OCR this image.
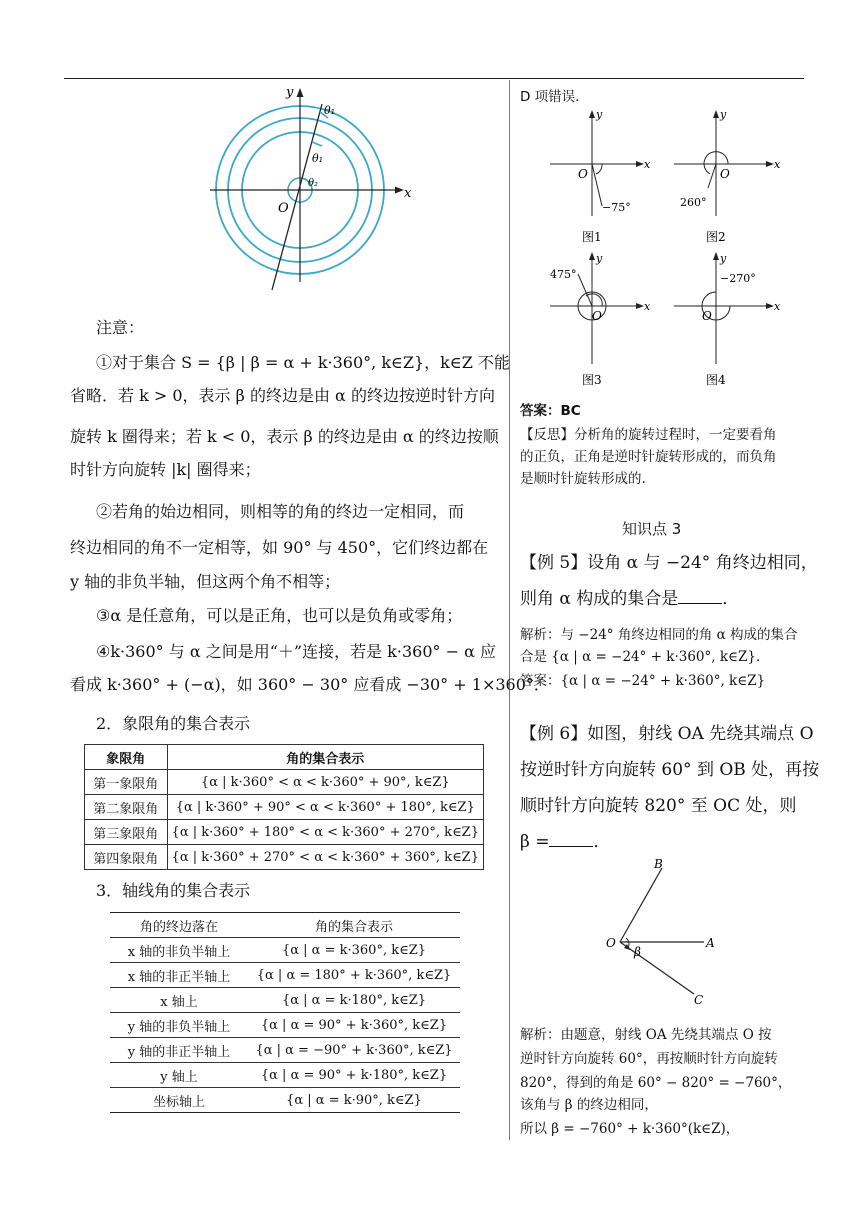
y
x
O
θ₁
θ₁
θ₂
注意：
①对于集合 S = {β | β = α + k·360°, k∈Z}，k∈Z 不能
省略．若 k > 0，表示 β 的终边是由 α 的终边按逆时针方向
旋转 k 圈得来；若 k < 0，表示 β 的终边是由 α 的终边按顺
时针方向旋转 |k| 圈得来；
②若角的始边相同，则相等的角的终边一定相同，而
终边相同的角不一定相等，如 90° 与 450°，它们终边都在
y 轴的非负半轴，但这两个角不相等；
③α 是任意角，可以是正角，也可以是负角或零角；
④k·360° 与 α 之间是用“＋”连接，若是 k·360° − α 应
看成 k·360° + (−α)，如 360° − 30° 应看成 −30° + 1×360°．
2．象限角的集合表示
象限角	角的集合表示
第一象限角	{α | k·360° < α < k·360° + 90°, k∈Z}
第二象限角	{α | k·360° + 90° < α < k·360° + 180°, k∈Z}
第三象限角	{α | k·360° + 180° < α < k·360° + 270°, k∈Z}
第四象限角	{α | k·360° + 270° < α < k·360° + 360°, k∈Z}
3．轴线角的集合表示
角的终边落在	角的集合表示
x 轴的非负半轴上	{α | α = k·360°, k∈Z}
x 轴的非正半轴上	{α | α = 180° + k·360°, k∈Z}
x 轴上	{α | α = k·180°, k∈Z}
y 轴的非负半轴上	{α | α = 90° + k·360°, k∈Z}
y 轴的非正半轴上	{α | α = −90° + k·360°, k∈Z}
y 轴上	{α | α = 90° + k·180°, k∈Z}
坐标轴上	{α | α = k·90°, k∈Z}
D 项错误.
y
x
O
−75°
图1
y
x
O
260°
图2
y
x
O
475°
图3
y
x
O
−270°
图4
答案：BC
【反思】分析角的旋转过程时，一定要看角
的正负，正角是逆时针旋转形成的，而负角
是顺时针旋转形成的.
知识点 3
【例 5】设角 α 与 −24° 角终边相同，
则角 α 构成的集合是	．
解析：与 −24° 角终边相同的角 α 构成的集合
合是 {α | α = −24° + k·360°, k∈Z}．
答案：{α | α = −24° + k·360°, k∈Z}
【例 6】如图，射线 OA 先绕其端点 O
按逆时针方向旋转 60° 到 OB 处，再按
顺时针方向旋转 820° 至 OC 处，则
β =	．
B
O	A
C
β
解析：由题意，射线 OA 先绕其端点 O 按
逆时针方向旋转 60°，再按顺时针方向旋转
820°，得到的角是 60° − 820° = −760°，
该角与 β 的终边相同，
所以 β = −760° + k·360°(k∈Z)，
